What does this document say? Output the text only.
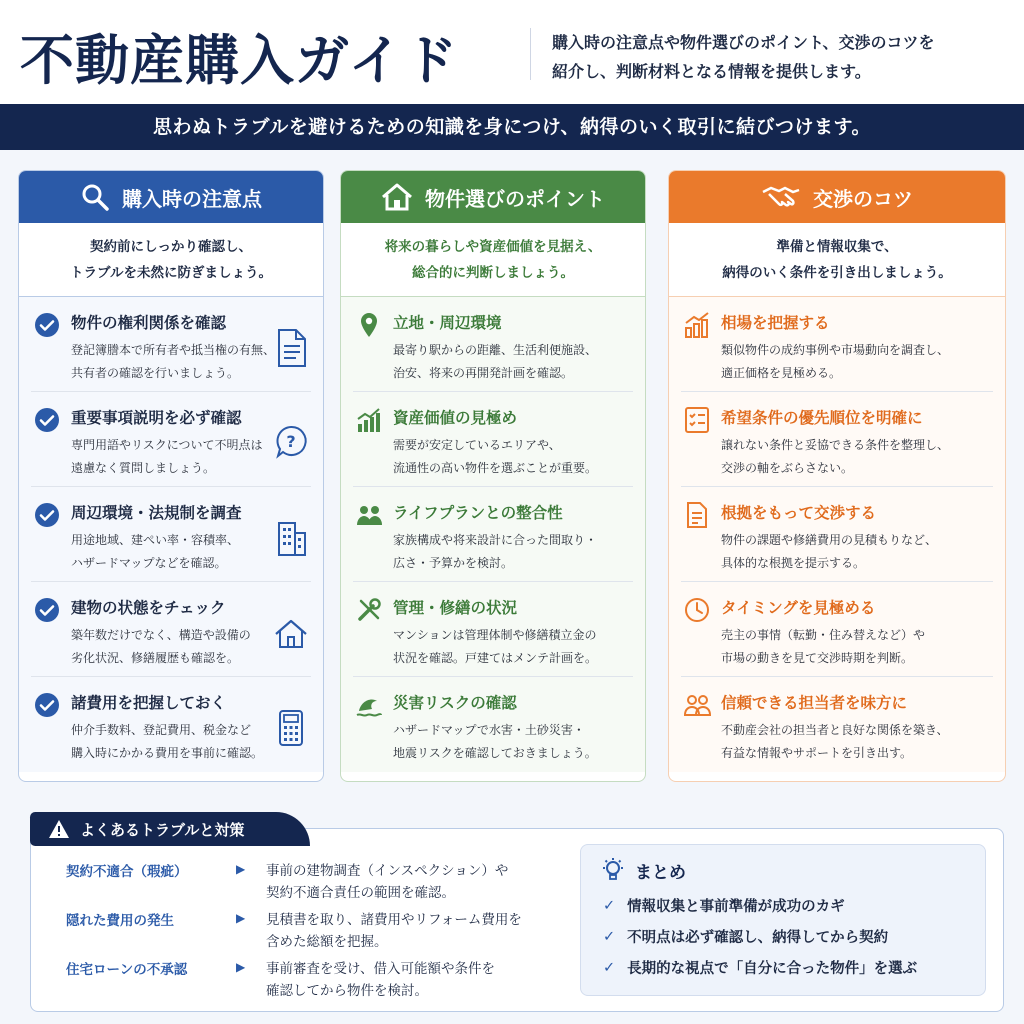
不動産購入ガイド	購入時の注意点や物件選びのポイント、交渉のコツを
紹介し、判断材料となる情報を提供します。
思わぬトラブルを避けるための知識を身につけ、納得のいく取引に結びつけます。
購入時の注意点
契約前にしっかり確認し、
トラブルを未然に防ぎましょう。
物件の権利関係を確認
登記簿謄本で所有者や抵当権の有無、
共有者の確認を行いましょう。
重要事項説明を必ず確認
専門用語やリスクについて不明点は
遠慮なく質問しましょう。
?
周辺環境・法規制を調査
用途地域、建ぺい率・容積率、
ハザードマップなどを確認。
建物の状態をチェック
築年数だけでなく、構造や設備の
劣化状況、修繕履歴も確認を。
諸費用を把握しておく
仲介手数料、登記費用、税金など
購入時にかかる費用を事前に確認。
物件選びのポイント
将来の暮らしや資産価値を見据え、
総合的に判断しましょう。
立地・周辺環境
最寄り駅からの距離、生活利便施設、
治安、将来の再開発計画を確認。
資産価値の見極め
需要が安定しているエリアや、
流通性の高い物件を選ぶことが重要。
ライフプランとの整合性
家族構成や将来設計に合った間取り・
広さ・予算かを検討。
管理・修繕の状況
マンションは管理体制や修繕積立金の
状況を確認。戸建てはメンテ計画を。
災害リスクの確認
ハザードマップで水害・土砂災害・
地震リスクを確認しておきましょう。
交渉のコツ
準備と情報収集で、
納得のいく条件を引き出しましょう。
相場を把握する
類似物件の成約事例や市場動向を調査し、
適正価格を見極める。
希望条件の優先順位を明確に
譲れない条件と妥協できる条件を整理し、
交渉の軸をぶらさない。
根拠をもって交渉する
物件の課題や修繕費用の見積もりなど、
具体的な根拠を提示する。
タイミングを見極める
売主の事情（転勤・住み替えなど）や
市場の動きを見て交渉時期を判断。
信頼できる担当者を味方に
不動産会社の担当者と良好な関係を築き、
有益な情報やサポートを引き出す。
よくあるトラブルと対策
契約不適合（瑕疵）	▶ 事前の建物調査（インスペクション）や
契約不適合責任の範囲を確認。
隠れた費用の発生	▶ 見積書を取り、諸費用やリフォーム費用を
含めた総額を把握。
住宅ローンの不承認	▶ 事前審査を受け、借入可能額や条件を
確認してから物件を検討。
まとめ
✓ 情報収集と事前準備が成功のカギ
✓ 不明点は必ず確認し、納得してから契約
✓ 長期的な視点で「自分に合った物件」を選ぶ
